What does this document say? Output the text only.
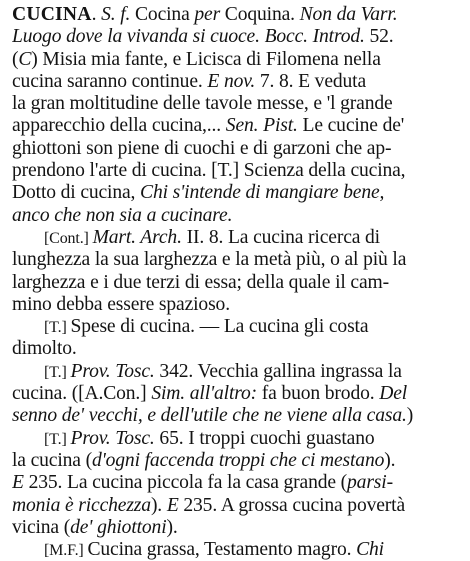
CUCINA. S. f. Cocina per Coquina. Non da Varr.
Luogo dove la vivanda si cuoce. Bocc. Introd. 52.
(C) Misia mia fante, e Licisca di Filomena nella
cucina saranno continue. E nov. 7. 8. E veduta
la gran moltitudine delle tavole messe, e 'l grande
apparecchio della cucina,... Sen. Pist. Le cucine de'
ghiottoni son piene di cuochi e di garzoni che ap-
prendono l'arte di cucina. [T.] Scienza della cucina,
Dotto di cucina, Chi s'intende di mangiare bene,
anco che non sia a cucinare.
[Cont.] Mart. Arch. II. 8. La cucina ricerca di
lunghezza la sua larghezza e la metà più, o al più la
larghezza e i due terzi di essa; della quale il cam-
mino debba essere spazioso.
[T.] Spese di cucina. — La cucina gli costa
dimolto.
[T.] Prov. Tosc. 342. Vecchia gallina ingrassa la
cucina. ([A.Con.] Sim. all'altro: fa buon brodo. Del
senno de' vecchi, e dell'utile che ne viene alla casa.)
[T.] Prov. Tosc. 65. I troppi cuochi guastano
la cucina (d'ogni faccenda troppi che ci mestano).
E 235. La cucina piccola fa la casa grande (parsi-
monia è ricchezza). E 235. A grossa cucina povertà
vicina (de' ghiottoni).
[M.F.] Cucina grassa, Testamento magro. Chi
